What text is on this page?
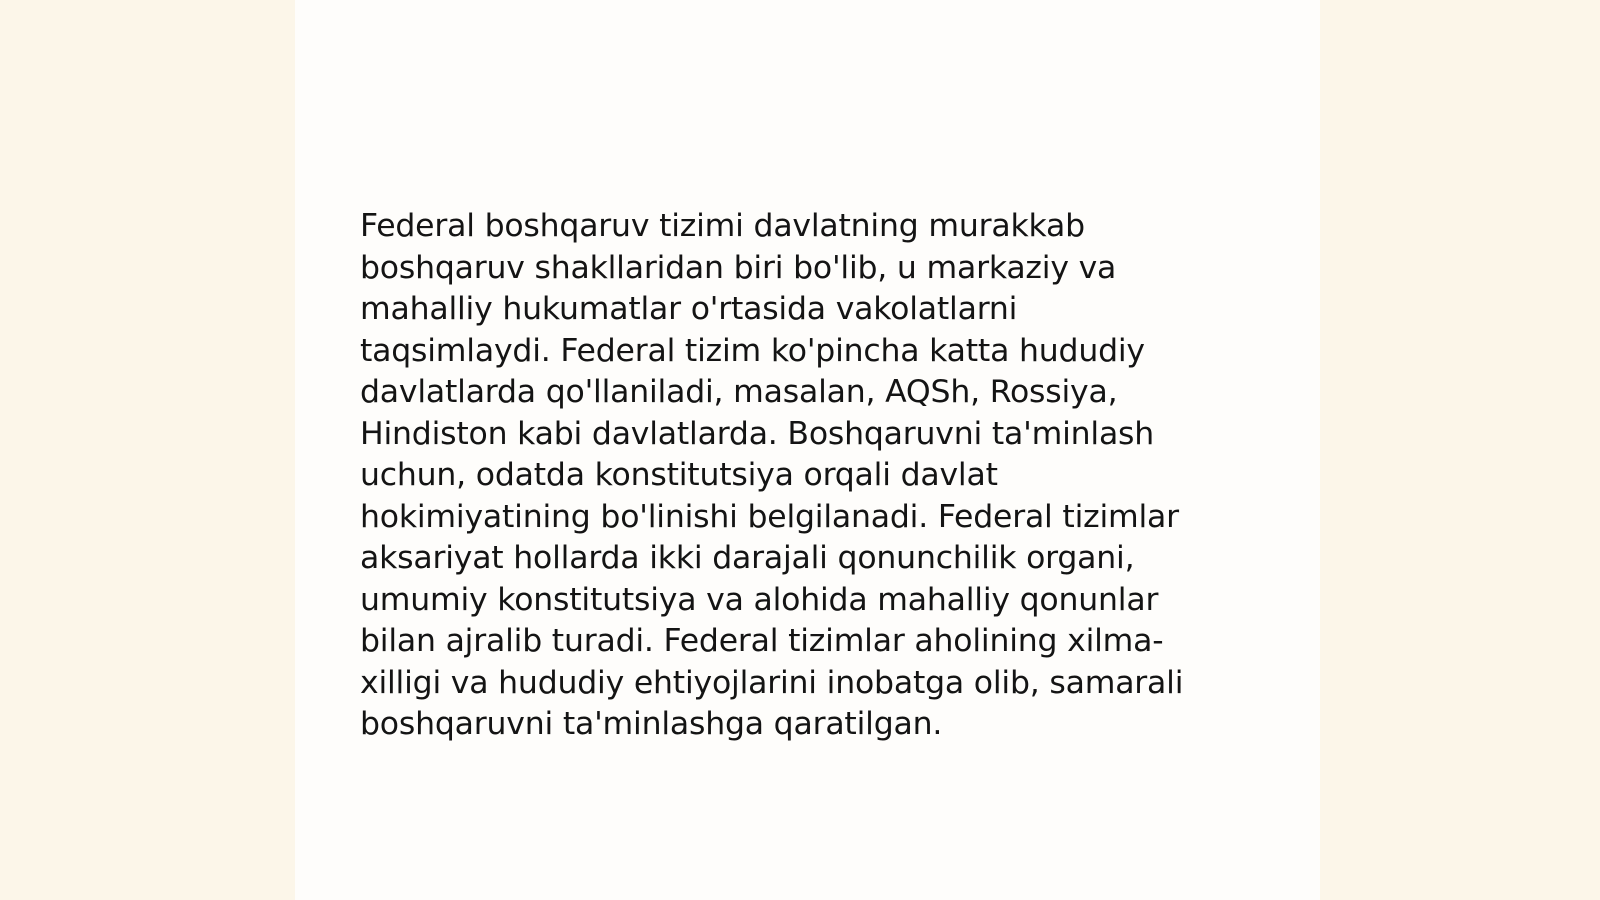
Federal boshqaruv tizimi davlatning murakkab
boshqaruv shakllaridan biri bo'lib, u markaziy va
mahalliy hukumatlar o'rtasida vakolatlarni
taqsimlaydi. Federal tizim ko'pincha katta hududiy
davlatlarda qo'llaniladi, masalan, AQSh, Rossiya,
Hindiston kabi davlatlarda. Boshqaruvni ta'minlash
uchun, odatda konstitutsiya orqali davlat
hokimiyatining bo'linishi belgilanadi. Federal tizimlar
aksariyat hollarda ikki darajali qonunchilik organi,
umumiy konstitutsiya va alohida mahalliy qonunlar
bilan ajralib turadi. Federal tizimlar aholining xilma-
xilligi va hududiy ehtiyojlarini inobatga olib, samarali
boshqaruvni ta'minlashga qaratilgan.
